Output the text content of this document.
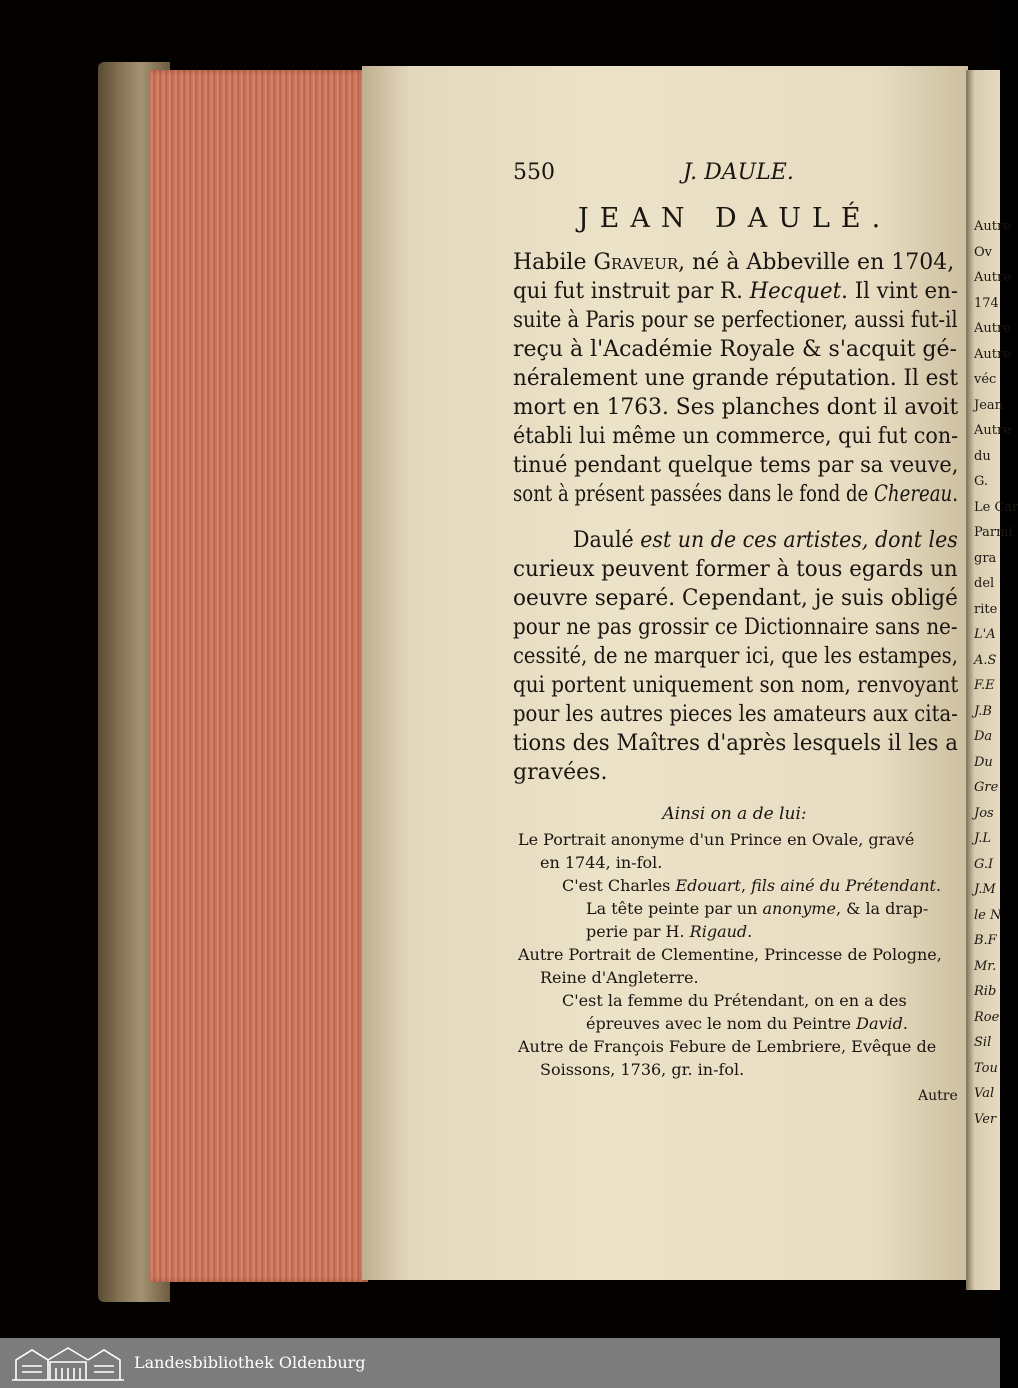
Autre
Ov
Autre
174
Autre
Autre
véc
Jean
Autre
du
G.
Le Car
Parmi
gra
del
rite
L'A
A.S
F.E
J.B
Da
Du
Gre
Jos
J.L
G.I
J.M
le N
B.F
Mr.
Rib
Roe
Sil
Tou
Val
Ver
550	J. DAULE.
JEAN DAULÉ.
Habile Graveur, né à Abbeville en 1704,
qui fut instruit par R. Hecquet. Il vint en-
suite à Paris pour se perfectioner, aussi fut-il
reçu à l'Académie Royale & s'acquit gé-
néralement une grande réputation. Il est
mort en 1763. Ses planches dont il avoit
établi lui même un commerce, qui fut con-
tinué pendant quelque tems par sa veuve,
sont à présent passées dans le fond de Chereau.
Daulé est un de ces artistes, dont les
curieux peuvent former à tous egards un
oeuvre separé. Cependant, je suis obligé
pour ne pas grossir ce Dictionnaire sans ne-
cessité, de ne marquer ici, que les estampes,
qui portent uniquement son nom, renvoyant
pour les autres pieces les amateurs aux cita-
tions des Maîtres d'après lesquels il les a
gravées.
Ainsi on a de lui:
Le Portrait anonyme d'un Prince en Ovale, gravé
en 1744, in-fol.
C'est Charles Edouart, fils ainé du Prétendant.
La tête peinte par un anonyme, & la drap-
perie par H. Rigaud.
Autre Portrait de Clementine, Princesse de Pologne,
Reine d'Angleterre.
C'est la femme du Prétendant, on en a des
épreuves avec le nom du Peintre David.
Autre de François Febure de Lembriere, Evêque de
Soissons, 1736, gr. in-fol.
Autre
Landesbibliothek Oldenburg
